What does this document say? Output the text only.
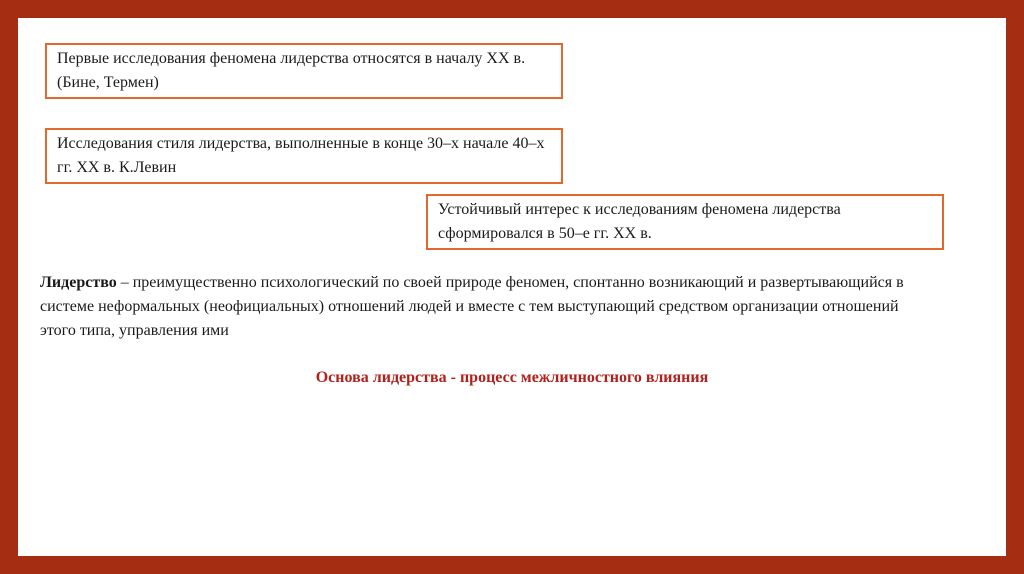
Первые исследования феномена лидерства относятся в началу XX в. (Бине, Термен)
Исследования стиля лидерства, выполненные в конце 30–х начале 40–х гг. XX в. К.Левин
Устойчивый интерес к исследованиям феномена лидерства сформировался в 50–е гг. XX в.
Лидерство – преимущественно психологический по своей природе феномен, спонтанно возникающий и развертывающийся в системе неформальных (неофициальных) отношений людей и вместе с тем выступающий средством организации отношений этого типа, управления ими
Основа лидерства - процесс межличностного влияния
